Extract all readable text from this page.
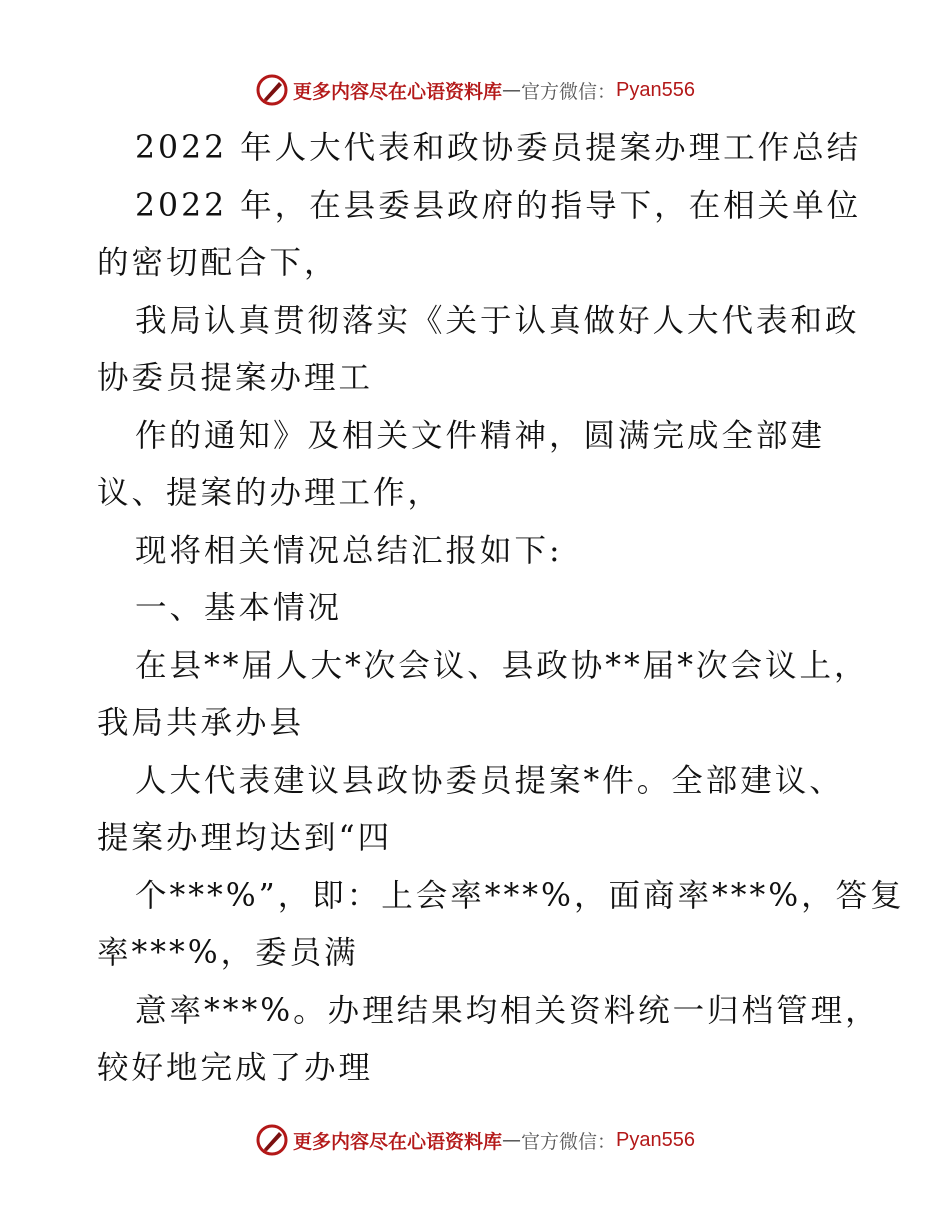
更多内容尽在心语资料库 — 官方微信： Pyan556
2022 年人大代表和政协委员提案办理工作总结
2022 年，在县委县政府的指导下，在相关单位
的密切配合下，
我局认真贯彻落实《关于认真做好人大代表和政
协委员提案办理工
作的通知》及相关文件精神，圆满完成全部建
议、提案的办理工作，
现将相关情况总结汇报如下:
一、基本情况
在县**届人大*次会议、县政协**届*次会议上，
我局共承办县
人大代表建议县政协委员提案*件。全部建议、
提案办理均达到“四
个***%”，即：上会率***%，面商率***%，答复
率***%，委员满
意率***%。办理结果均相关资料统一归档管理，
较好地完成了办理
更多内容尽在心语资料库 — 官方微信： Pyan556
